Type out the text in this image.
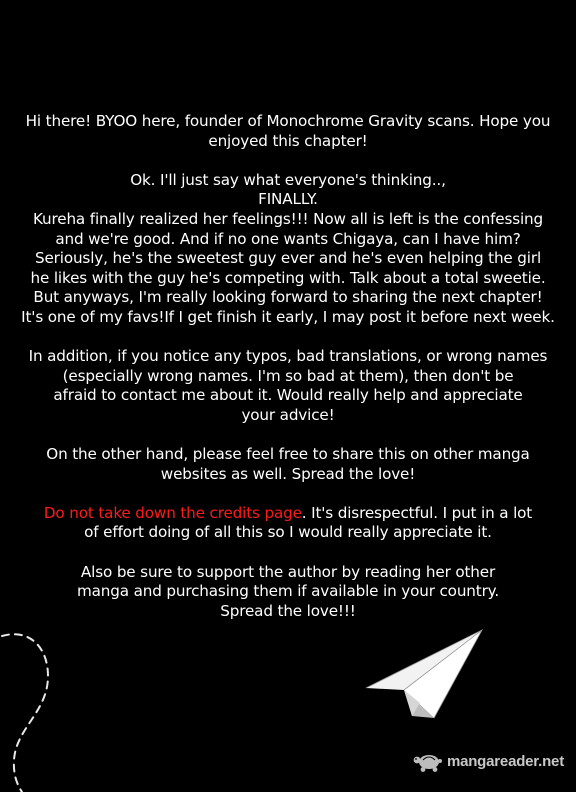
Hi there! BYOO here, founder of Monochrome Gravity scans. Hope you
enjoyed this chapter!

Ok. I'll just say what everyone's thinking..,
FINALLY.
Kureha finally realized her feelings!!! Now all is left is the confessing
and we're good. And if no one wants Chigaya, can I have him?
Seriously, he's the sweetest guy ever and he's even helping the girl
he likes with the guy he's competing with. Talk about a total sweetie.
But anyways, I'm really looking forward to sharing the next chapter!
It's one of my favs!If I get finish it early, I may post it before next week.

In addition, if you notice any typos, bad translations, or wrong names
(especially wrong names. I'm so bad at them), then don't be
afraid to contact me about it. Would really help and appreciate
your advice!

On the other hand, please feel free to share this on other manga
websites as well. Spread the love!

Do not take down the credits page. It's disrespectful. I put in a lot
of effort doing of all this so I would really appreciate it.

Also be sure to support the author by reading her other
manga and purchasing them if available in your country.
Spread the love!!!

mangareader.net
